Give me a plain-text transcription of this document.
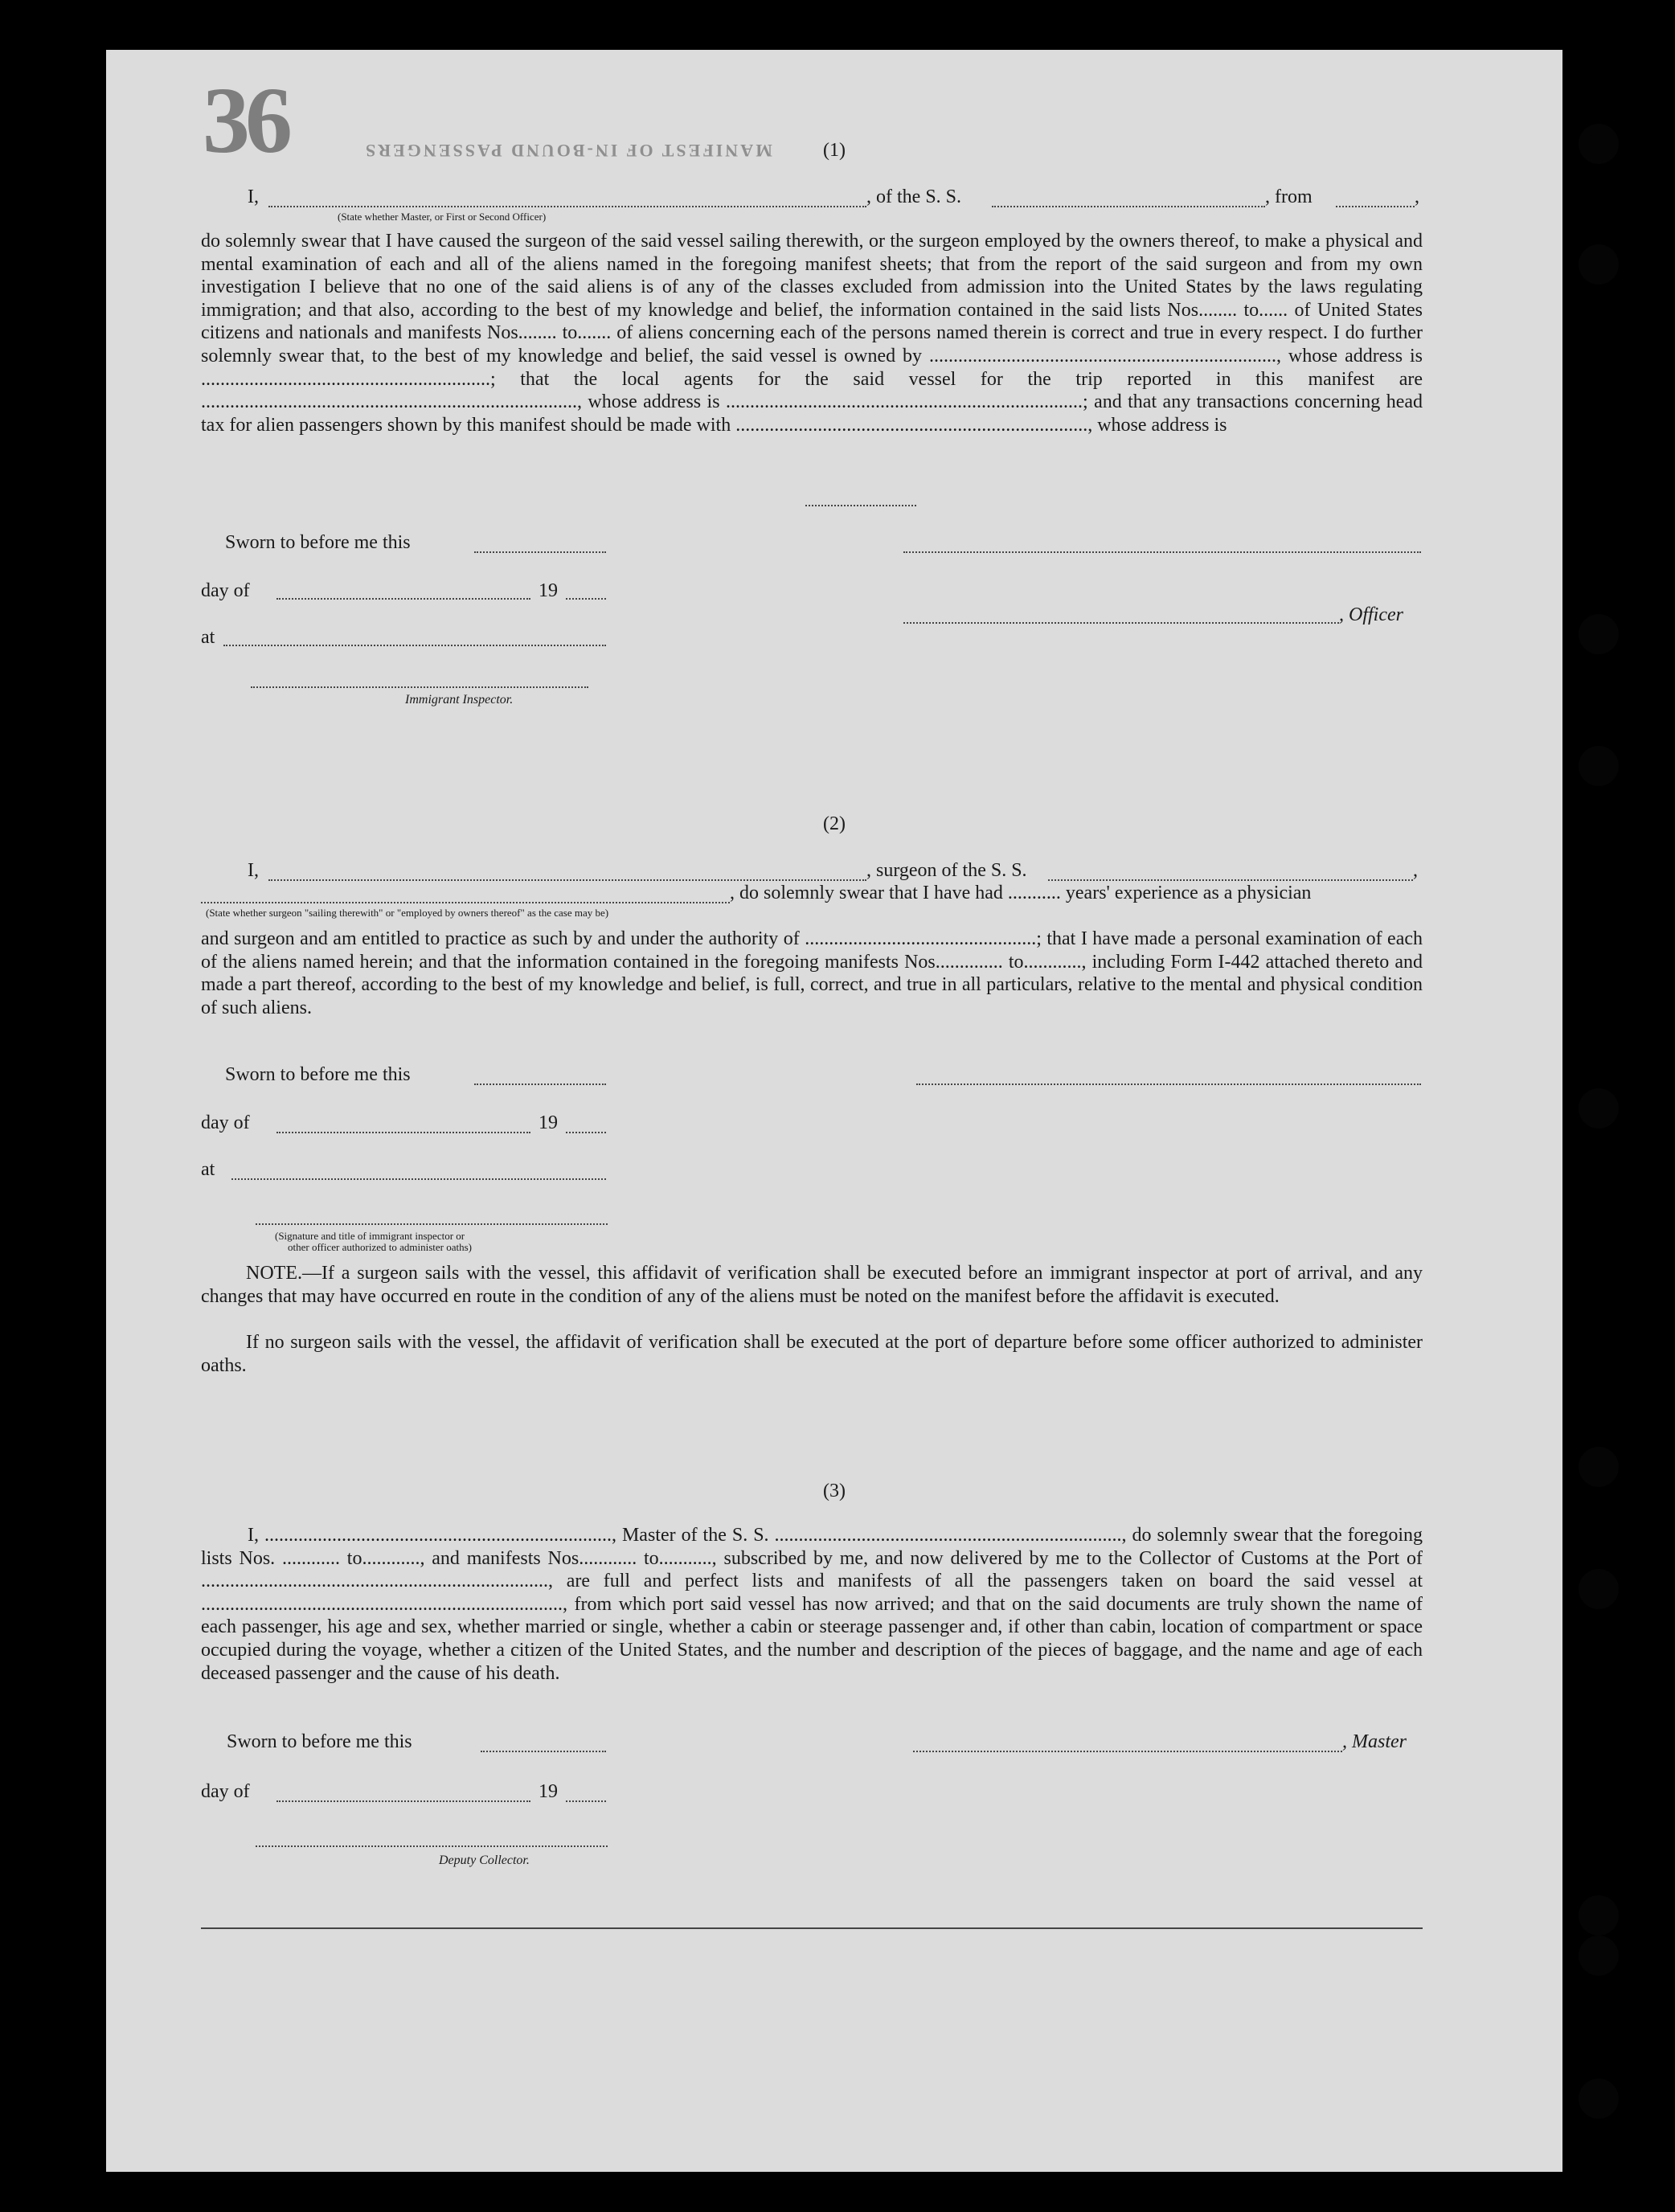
36	MANIFEST OF IN-BOUND PASSENGERS	(1)
I,	, of the S. S.	, from	,
(State whether Master, or First or Second Officer)
do solemnly swear that I have caused the surgeon of the said vessel sailing therewith, or the surgeon employed by the owners thereof, to make a physical and mental examination of each and all of the aliens named in the foregoing manifest sheets; that from the report of the said surgeon and from my own investigation I believe that no one of the said aliens is of any of the classes excluded from admission into the United States by the laws regulating immigration; and that also, according to the best of my knowledge and belief, the information contained in the said lists Nos........ to...... of United States citizens and nationals and manifests Nos........ to....... of aliens concerning each of the persons named therein is correct and true in every respect. I do further solemnly swear that, to the best of my knowledge and belief, the said vessel is owned by ........................................................................, whose address is ............................................................; that the local agents for the said vessel for the trip reported in this manifest are .............................................................................., whose address is ..........................................................................; and that any transactions concerning head tax for alien passengers shown by this manifest should be made with ........................................................................., whose address is
Sworn to before me this
day of	19
, Officer
at
Immigrant Inspector.
(2)
I,	, surgeon of the S. S.	,
, do solemnly swear that I have had ........... years' experience as a physician
(State whether surgeon "sailing therewith" or "employed by owners thereof" as the case may be)
and surgeon and am entitled to practice as such by and under the authority of ................................................; that I have made a personal examination of each of the aliens named herein; and that the information contained in the foregoing manifests Nos.............. to............, including Form I-442 attached thereto and made a part thereof, according to the best of my knowledge and belief, is full, correct, and true in all particulars, relative to the mental and physical condition of such aliens.
Sworn to before me this
day of	19
at
(Signature and title of immigrant inspector or
other officer authorized to administer oaths)
NOTE.—If a surgeon sails with the vessel, this affidavit of verification shall be executed before an immigrant inspector at port of arrival, and any changes that may have occurred en route in the condition of any of the aliens must be noted on the manifest before the affidavit is executed.
If no surgeon sails with the vessel, the affidavit of verification shall be executed at the port of departure before some officer authorized to administer oaths.
(3)
I, ........................................................................, Master of the S. S. ........................................................................, do solemnly swear that the foregoing lists Nos. ............ to............, and manifests Nos............ to..........., subscribed by me, and now delivered by me to the Collector of Customs at the Port of ........................................................................, are full and perfect lists and manifests of all the passengers taken on board the said vessel at ..........................................................................., from which port said vessel has now arrived; and that on the said documents are truly shown the name of each passenger, his age and sex, whether married or single, whether a cabin or steerage passenger and, if other than cabin, location of compartment or space occupied during the voyage, whether a citizen of the United States, and the number and description of the pieces of baggage, and the name and age of each deceased passenger and the cause of his death.
Sworn to before me this	, Master
day of	19
Deputy Collector.
